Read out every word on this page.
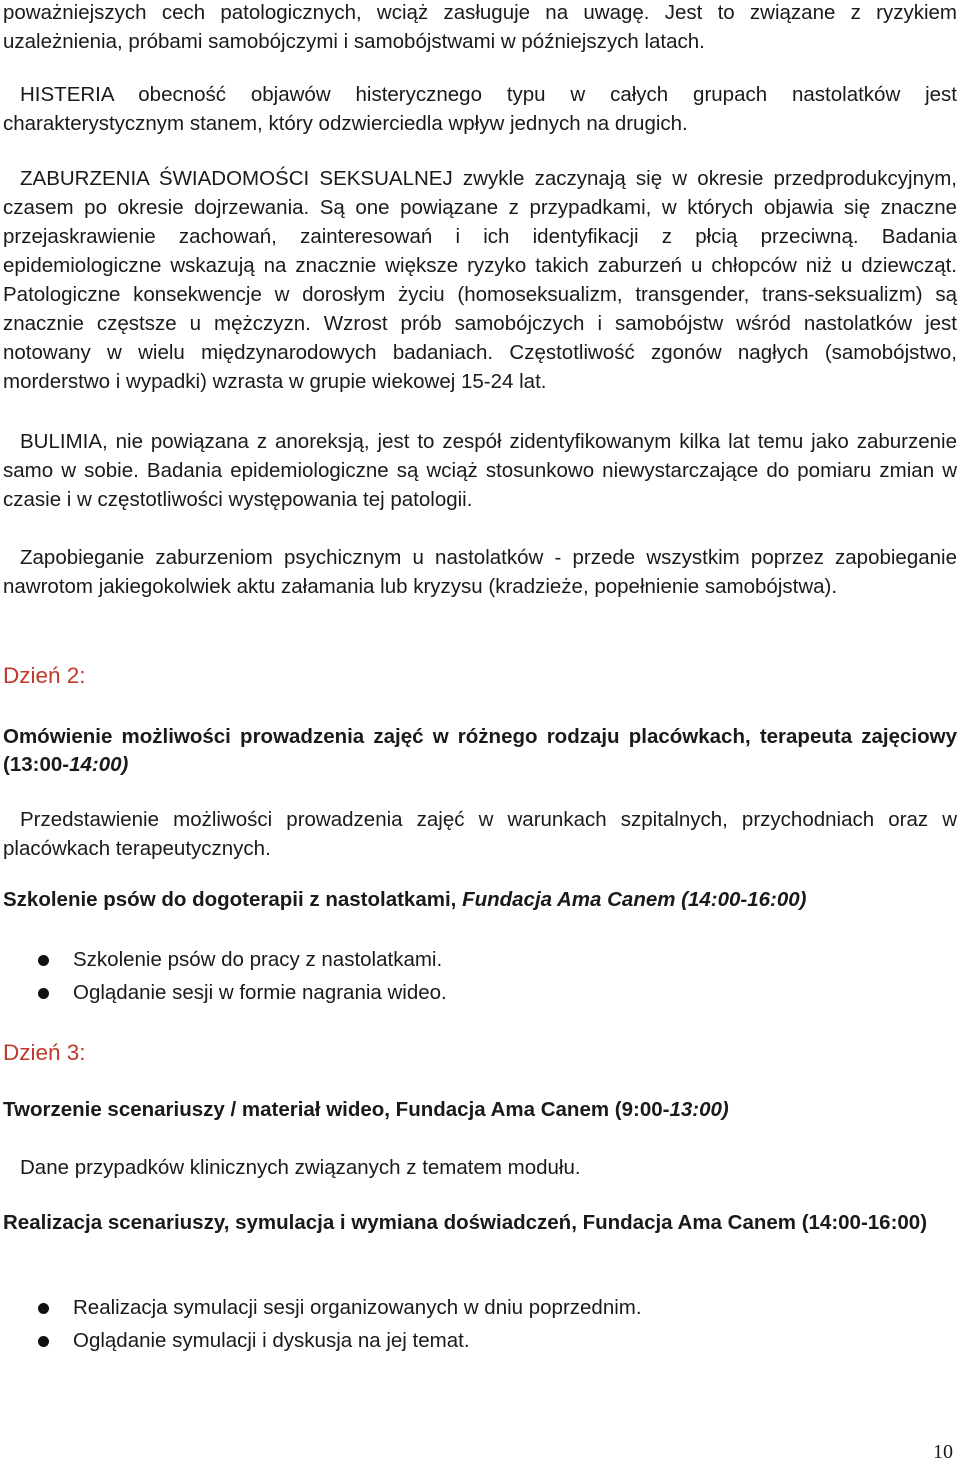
poważniejszych cech patologicznych, wciąż zasługuje na uwagę. Jest to związane z ryzykiem uzależnienia, próbami samobójczymi i samobójstwami w późniejszych latach.

HISTERIA obecność objawów histerycznego typu w całych grupach nastolatków jest charakterystycznym stanem, który odzwierciedla wpływ jednych na drugich.

ZABURZENIA ŚWIADOMOŚCI SEKSUALNEJ zwykle zaczynają się w okresie przedprodukcyjnym, czasem po okresie dojrzewania. Są one powiązane z przypadkami, w których objawia się znaczne przejaskrawienie zachowań, zainteresowań i ich identyfikacji z płcią przeciwną. Badania epidemiologiczne wskazują na znacznie większe ryzyko takich zaburzeń u chłopców niż u dziewcząt. Patologiczne konsekwencje w dorosłym życiu (homoseksualizm, transgender, trans-seksualizm) są znacznie częstsze u mężczyzn. Wzrost prób samobójczych i samobójstw wśród nastolatków jest notowany w wielu międzynarodowych badaniach. Częstotliwość zgonów nagłych (samobójstwo, morderstwo i wypadki) wzrasta w grupie wiekowej 15-24 lat.

BULIMIA, nie powiązana z anoreksją, jest to zespół zidentyfikowanym kilka lat temu jako zaburzenie samo w sobie. Badania epidemiologiczne są wciąż stosunkowo niewystarczające do pomiaru zmian w czasie i w częstotliwości występowania tej patologii.

Zapobieganie zaburzeniom psychicznym u nastolatków - przede wszystkim poprzez zapobieganie nawrotom jakiegokolwiek aktu załamania lub kryzysu (kradzieże, popełnienie samobójstwa).

Dzień 2:

Omówienie możliwości prowadzenia zajęć w różnego rodzaju placówkach, terapeuta zajęciowy (13:00-14:00)

Przedstawienie możliwości prowadzenia zajęć w warunkach szpitalnych, przychodniach oraz w placówkach terapeutycznych.

Szkolenie psów do dogoterapii z nastolatkami, Fundacja Ama Canem (14:00-16:00)

Szkolenie psów do pracy z nastolatkami.
Oglądanie sesji w formie nagrania wideo.

Dzień 3:

Tworzenie scenariuszy / materiał wideo, Fundacja Ama Canem (9:00-13:00)

Dane przypadków klinicznych związanych z tematem modułu.

Realizacja scenariuszy, symulacja i wymiana doświadczeń, Fundacja Ama Canem (14:00-16:00)

Realizacja symulacji sesji organizowanych w dniu poprzednim.
Oglądanie symulacji i dyskusja na jej temat.
10
